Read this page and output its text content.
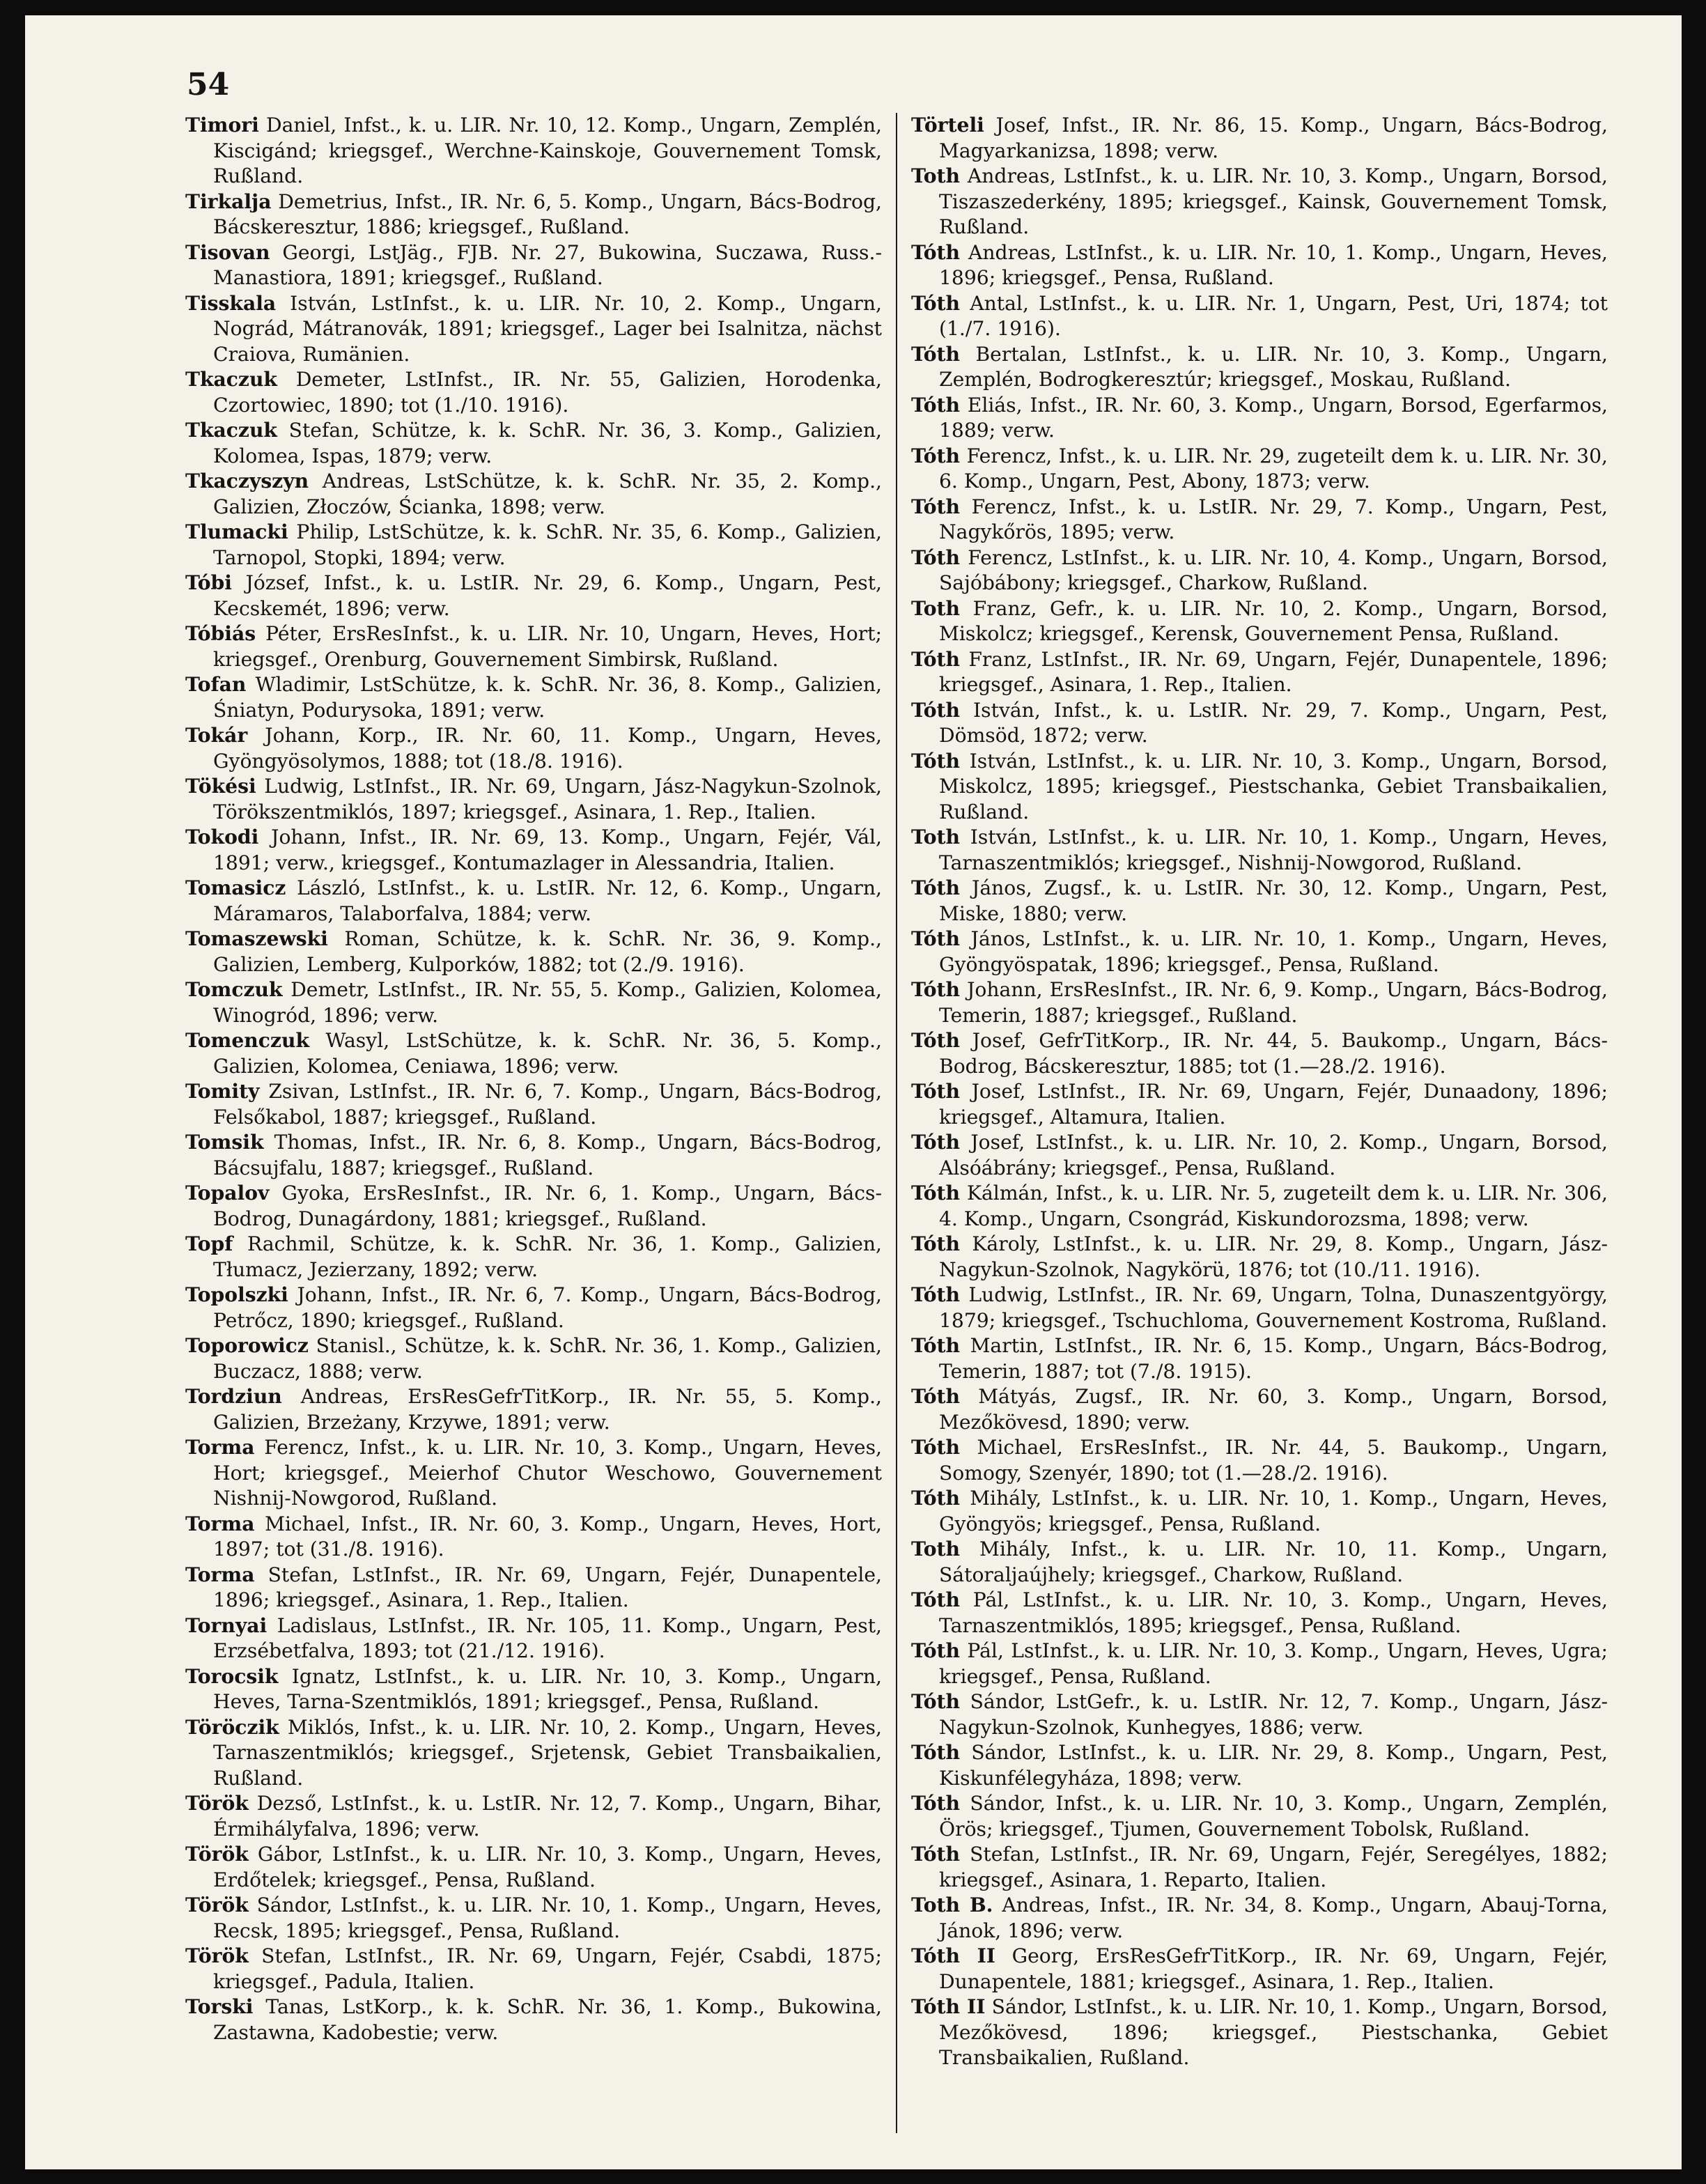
54

Timori Daniel, Infst., k. u. LIR. Nr. 10, 12. Komp., Ungarn, Zemplén, Kiscigánd; kriegsgef., Werchne-Kainskoje, Gouvernement Tomsk, Rußland.

Tirkalja Demetrius, Infst., IR. Nr. 6, 5. Komp., Ungarn, Bács-Bodrog, Bácskeresztur, 1886; kriegsgef., Rußland.

Tisovan Georgi, LstJäg., FJB. Nr. 27, Bukowina, Suczawa, Russ.-Manastiora, 1891; kriegsgef., Rußland.

Tisskala István, LstInfst., k. u. LIR. Nr. 10, 2. Komp., Ungarn, Nográd, Mátranovák, 1891; kriegsgef., Lager bei Isalnitza, nächst Craiova, Rumänien.

Tkaczuk Demeter, LstInfst., IR. Nr. 55, Galizien, Horodenka, Czortowiec, 1890; tot (1./10. 1916).

Tkaczuk Stefan, Schütze, k. k. SchR. Nr. 36, 3. Komp., Galizien, Kolomea, Ispas, 1879; verw.

Tkaczyszyn Andreas, LstSchütze, k. k. SchR. Nr. 35, 2. Komp., Galizien, Złoczów, Ścianka, 1898; verw.

Tlumacki Philip, LstSchütze, k. k. SchR. Nr. 35, 6. Komp., Galizien, Tarnopol, Stopki, 1894; verw.

Tóbi József, Infst., k. u. LstIR. Nr. 29, 6. Komp., Ungarn, Pest, Kecskemét, 1896; verw.

Tóbiás Péter, ErsResInfst., k. u. LIR. Nr. 10, Ungarn, Heves, Hort; kriegsgef., Orenburg, Gouvernement Simbirsk, Rußland.

Tofan Wladimir, LstSchütze, k. k. SchR. Nr. 36, 8. Komp., Galizien, Śniatyn, Podurysoka, 1891; verw.

Tokár Johann, Korp., IR. Nr. 60, 11. Komp., Ungarn, Heves, Gyöngyösolymos, 1888; tot (18./8. 1916).

Tökési Ludwig, LstInfst., IR. Nr. 69, Ungarn, Jász-Nagykun-Szolnok, Törökszentmiklós, 1897; kriegsgef., Asinara, 1. Rep., Italien.

Tokodi Johann, Infst., IR. Nr. 69, 13. Komp., Ungarn, Fejér, Vál, 1891; verw., kriegsgef., Kontumazlager in Alessandria, Italien.

Tomasicz László, LstInfst., k. u. LstIR. Nr. 12, 6. Komp., Ungarn, Máramaros, Talaborfalva, 1884; verw.

Tomaszewski Roman, Schütze, k. k. SchR. Nr. 36, 9. Komp., Galizien, Lemberg, Kulporków, 1882; tot (2./9. 1916).

Tomczuk Demetr, LstInfst., IR. Nr. 55, 5. Komp., Galizien, Kolomea, Winogród, 1896; verw.

Tomenczuk Wasyl, LstSchütze, k. k. SchR. Nr. 36, 5. Komp., Galizien, Kolomea, Ceniawa, 1896; verw.

Tomity Zsivan, LstInfst., IR. Nr. 6, 7. Komp., Ungarn, Bács-Bodrog, Felsőkabol, 1887; kriegsgef., Rußland.

Tomsik Thomas, Infst., IR. Nr. 6, 8. Komp., Ungarn, Bács-Bodrog, Bácsujfalu, 1887; kriegsgef., Rußland.

Topalov Gyoka, ErsResInfst., IR. Nr. 6, 1. Komp., Ungarn, Bács-Bodrog, Dunagárdony, 1881; kriegsgef., Rußland.

Topf Rachmil, Schütze, k. k. SchR. Nr. 36, 1. Komp., Galizien, Tłumacz, Jezierzany, 1892; verw.

Topolszki Johann, Infst., IR. Nr. 6, 7. Komp., Ungarn, Bács-Bodrog, Petrőcz, 1890; kriegsgef., Rußland.

Toporowicz Stanisl., Schütze, k. k. SchR. Nr. 36, 1. Komp., Galizien, Buczacz, 1888; verw.

Tordziun Andreas, ErsResGefrTitKorp., IR. Nr. 55, 5. Komp., Galizien, Brzeżany, Krzywe, 1891; verw.

Torma Ferencz, Infst., k. u. LIR. Nr. 10, 3. Komp., Ungarn, Heves, Hort; kriegsgef., Meierhof Chutor Weschowo, Gouvernement Nishnij-Nowgorod, Rußland.

Torma Michael, Infst., IR. Nr. 60, 3. Komp., Ungarn, Heves, Hort, 1897; tot (31./8. 1916).

Torma Stefan, LstInfst., IR. Nr. 69, Ungarn, Fejér, Dunapentele, 1896; kriegsgef., Asinara, 1. Rep., Italien.

Tornyai Ladislaus, LstInfst., IR. Nr. 105, 11. Komp., Ungarn, Pest, Erzsébetfalva, 1893; tot (21./12. 1916).

Torocsik Ignatz, LstInfst., k. u. LIR. Nr. 10, 3. Komp., Ungarn, Heves, Tarna-Szentmiklós, 1891; kriegsgef., Pensa, Rußland.

Töröczik Miklós, Infst., k. u. LIR. Nr. 10, 2. Komp., Ungarn, Heves, Tarnaszentmiklós; kriegsgef., Srjetensk, Gebiet Transbaikalien, Rußland.

Török Dezső, LstInfst., k. u. LstIR. Nr. 12, 7. Komp., Ungarn, Bihar, Érmihályfalva, 1896; verw.

Török Gábor, LstInfst., k. u. LIR. Nr. 10, 3. Komp., Ungarn, Heves, Erdőtelek; kriegsgef., Pensa, Rußland.

Török Sándor, LstInfst., k. u. LIR. Nr. 10, 1. Komp., Ungarn, Heves, Recsk, 1895; kriegsgef., Pensa, Rußland.

Török Stefan, LstInfst., IR. Nr. 69, Ungarn, Fejér, Csabdi, 1875; kriegsgef., Padula, Italien.

Torski Tanas, LstKorp., k. k. SchR. Nr. 36, 1. Komp., Bukowina, Zastawna, Kadobestie; verw.

Törteli Josef, Infst., IR. Nr. 86, 15. Komp., Ungarn, Bács-Bodrog, Magyarkanizsa, 1898; verw.

Toth Andreas, LstInfst., k. u. LIR. Nr. 10, 3. Komp., Ungarn, Borsod, Tiszaszederkény, 1895; kriegsgef., Kainsk, Gouvernement Tomsk, Rußland.

Tóth Andreas, LstInfst., k. u. LIR. Nr. 10, 1. Komp., Ungarn, Heves, 1896; kriegsgef., Pensa, Rußland.

Tóth Antal, LstInfst., k. u. LIR. Nr. 1, Ungarn, Pest, Uri, 1874; tot (1./7. 1916).

Tóth Bertalan, LstInfst., k. u. LIR. Nr. 10, 3. Komp., Ungarn, Zemplén, Bodrogkeresztúr; kriegsgef., Moskau, Rußland.

Tóth Eliás, Infst., IR. Nr. 60, 3. Komp., Ungarn, Borsod, Egerfarmos, 1889; verw.

Tóth Ferencz, Infst., k. u. LIR. Nr. 29, zugeteilt dem k. u. LIR. Nr. 30, 6. Komp., Ungarn, Pest, Abony, 1873; verw.

Tóth Ferencz, Infst., k. u. LstIR. Nr. 29, 7. Komp., Ungarn, Pest, Nagykőrös, 1895; verw.

Tóth Ferencz, LstInfst., k. u. LIR. Nr. 10, 4. Komp., Ungarn, Borsod, Sajóbábony; kriegsgef., Charkow, Rußland.

Toth Franz, Gefr., k. u. LIR. Nr. 10, 2. Komp., Ungarn, Borsod, Miskolcz; kriegsgef., Kerensk, Gouvernement Pensa, Rußland.

Tóth Franz, LstInfst., IR. Nr. 69, Ungarn, Fejér, Dunapentele, 1896; kriegsgef., Asinara, 1. Rep., Italien.

Tóth István, Infst., k. u. LstIR. Nr. 29, 7. Komp., Ungarn, Pest, Dömsöd, 1872; verw.

Tóth István, LstInfst., k. u. LIR. Nr. 10, 3. Komp., Ungarn, Borsod, Miskolcz, 1895; kriegsgef., Piestschanka, Gebiet Transbaikalien, Rußland.

Toth István, LstInfst., k. u. LIR. Nr. 10, 1. Komp., Ungarn, Heves, Tarnaszentmiklós; kriegsgef., Nishnij-Nowgorod, Rußland.

Tóth János, Zugsf., k. u. LstIR. Nr. 30, 12. Komp., Ungarn, Pest, Miske, 1880; verw.

Tóth János, LstInfst., k. u. LIR. Nr. 10, 1. Komp., Ungarn, Heves, Gyöngyöspatak, 1896; kriegsgef., Pensa, Rußland.

Tóth Johann, ErsResInfst., IR. Nr. 6, 9. Komp., Ungarn, Bács-Bodrog, Temerin, 1887; kriegsgef., Rußland.

Tóth Josef, GefrTitKorp., IR. Nr. 44, 5. Baukomp., Ungarn, Bács-Bodrog, Bácskeresztur, 1885; tot (1.—28./2. 1916).

Tóth Josef, LstInfst., IR. Nr. 69, Ungarn, Fejér, Dunaadony, 1896; kriegsgef., Altamura, Italien.

Tóth Josef, LstInfst., k. u. LIR. Nr. 10, 2. Komp., Ungarn, Borsod, Alsóábrány; kriegsgef., Pensa, Rußland.

Tóth Kálmán, Infst., k. u. LIR. Nr. 5, zugeteilt dem k. u. LIR. Nr. 306, 4. Komp., Ungarn, Csongrád, Kiskundorozsma, 1898; verw.

Tóth Károly, LstInfst., k. u. LIR. Nr. 29, 8. Komp., Ungarn, Jász-Nagykun-Szolnok, Nagykörü, 1876; tot (10./11. 1916).

Tóth Ludwig, LstInfst., IR. Nr. 69, Ungarn, Tolna, Dunaszentgyörgy, 1879; kriegsgef., Tschuchloma, Gouvernement Kostroma, Rußland.

Tóth Martin, LstInfst., IR. Nr. 6, 15. Komp., Ungarn, Bács-Bodrog, Temerin, 1887; tot (7./8. 1915).

Tóth Mátyás, Zugsf., IR. Nr. 60, 3. Komp., Ungarn, Borsod, Mezőkövesd, 1890; verw.

Tóth Michael, ErsResInfst., IR. Nr. 44, 5. Baukomp., Ungarn, Somogy, Szenyér, 1890; tot (1.—28./2. 1916).

Tóth Mihály, LstInfst., k. u. LIR. Nr. 10, 1. Komp., Ungarn, Heves, Gyöngyös; kriegsgef., Pensa, Rußland.

Toth Mihály, Infst., k. u. LIR. Nr. 10, 11. Komp., Ungarn, Sátoraljaújhely; kriegsgef., Charkow, Rußland.

Tóth Pál, LstInfst., k. u. LIR. Nr. 10, 3. Komp., Ungarn, Heves, Tarnaszentmiklós, 1895; kriegsgef., Pensa, Rußland.

Tóth Pál, LstInfst., k. u. LIR. Nr. 10, 3. Komp., Ungarn, Heves, Ugra; kriegsgef., Pensa, Rußland.

Tóth Sándor, LstGefr., k. u. LstIR. Nr. 12, 7. Komp., Ungarn, Jász-Nagykun-Szolnok, Kunhegyes, 1886; verw.

Tóth Sándor, LstInfst., k. u. LIR. Nr. 29, 8. Komp., Ungarn, Pest, Kiskunfélegyháza, 1898; verw.

Tóth Sándor, Infst., k. u. LIR. Nr. 10, 3. Komp., Ungarn, Zemplén, Örös; kriegsgef., Tjumen, Gouvernement Tobolsk, Rußland.

Tóth Stefan, LstInfst., IR. Nr. 69, Ungarn, Fejér, Seregélyes, 1882; kriegsgef., Asinara, 1. Reparto, Italien.

Toth B. Andreas, Infst., IR. Nr. 34, 8. Komp., Ungarn, Abauj-Torna, Jánok, 1896; verw.

Tóth II Georg, ErsResGefrTitKorp., IR. Nr. 69, Ungarn, Fejér, Dunapentele, 1881; kriegsgef., Asinara, 1. Rep., Italien.

Tóth II Sándor, LstInfst., k. u. LIR. Nr. 10, 1. Komp., Ungarn, Borsod, Mezőkövesd, 1896; kriegsgef., Piestschanka, Gebiet Transbaikalien, Rußland.
